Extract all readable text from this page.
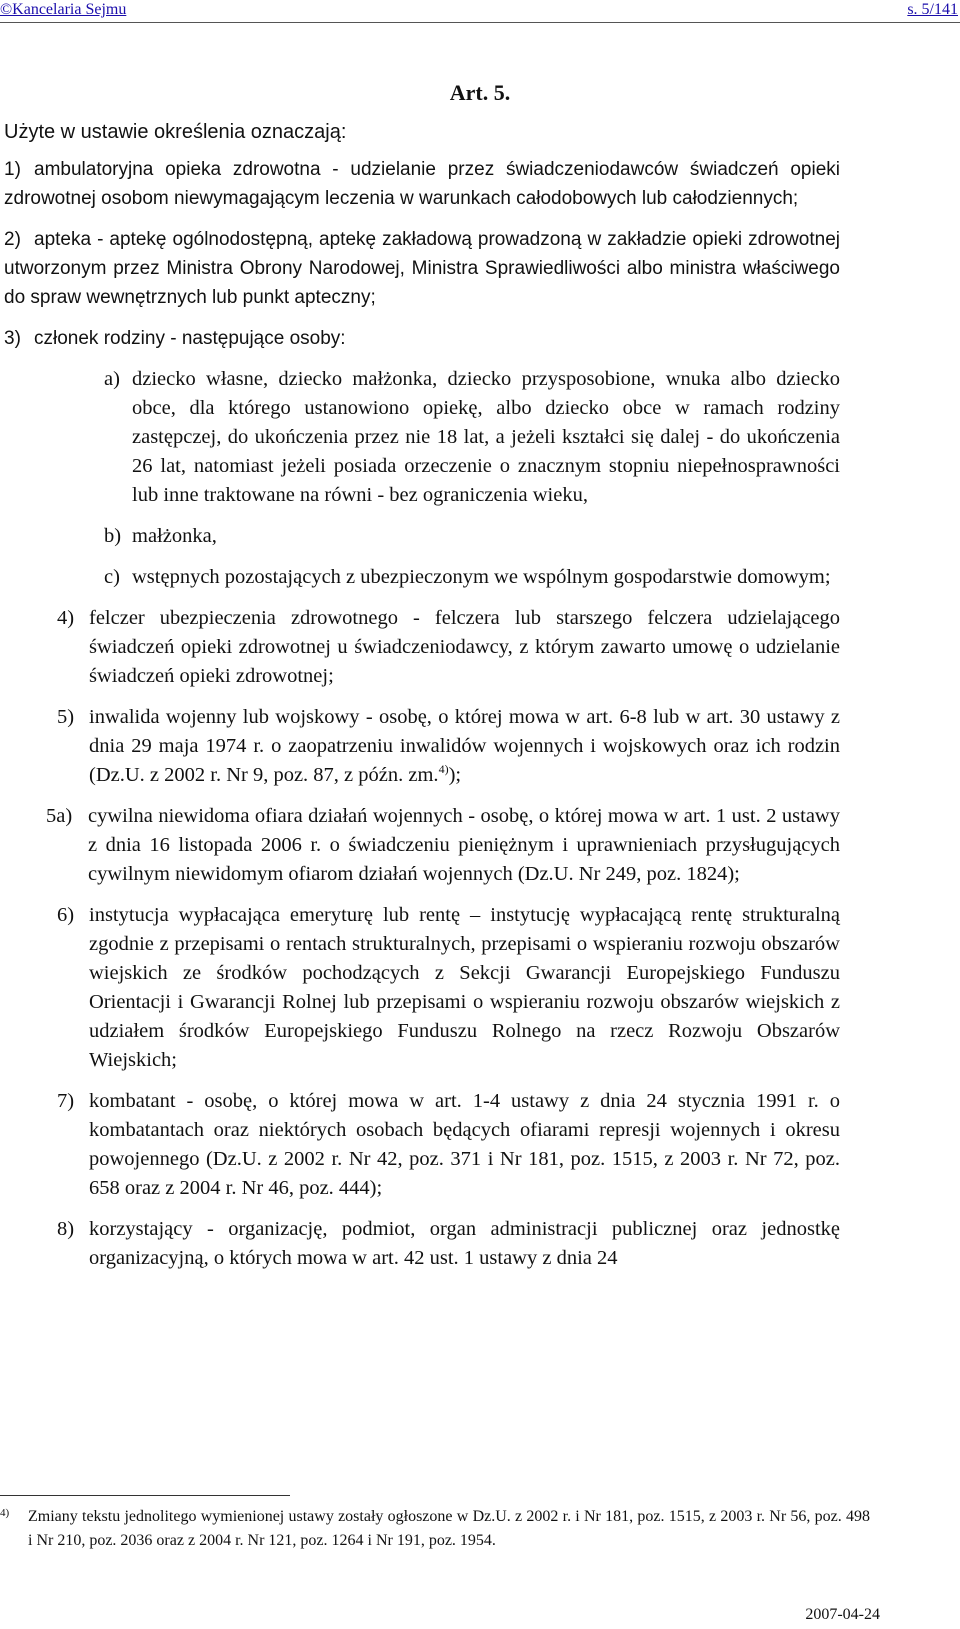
©Kancelaria Sejmu	s. 5/141
Art. 5.
Użyte w ustawie określenia oznaczają:
1) ambulatoryjna opieka zdrowotna - udzielanie przez świadczeniodawców świadczeń opieki zdrowotnej osobom niewymagającym leczenia w warunkach całodobowych lub całodziennych;
2) apteka - aptekę ogólnodostępną, aptekę zakładową prowadzoną w zakładzie opieki zdrowotnej utworzonym przez Ministra Obrony Narodowej, Ministra Sprawiedliwości albo ministra właściwego do spraw wewnętrznych lub punkt apteczny;
3) członek rodziny - następujące osoby:
a) dziecko własne, dziecko małżonka, dziecko przysposobione, wnuka albo dziecko obce, dla którego ustanowiono opiekę, albo dziecko obce w ramach rodziny zastępczej, do ukończenia przez nie 18 lat, a jeżeli kształci się dalej - do ukończenia 26 lat, natomiast jeżeli posiada orzeczenie o znacznym stopniu niepełnosprawności lub inne traktowane na równi - bez ograniczenia wieku,
b) małżonka,
c) wstępnych pozostających z ubezpieczonym we wspólnym gospodarstwie domowym;
4) felczer ubezpieczenia zdrowotnego - felczera lub starszego felczera udzielającego świadczeń opieki zdrowotnej u świadczeniodawcy, z którym zawarto umowę o udzielanie świadczeń opieki zdrowotnej;
5) inwalida wojenny lub wojskowy - osobę, o której mowa w art. 6-8 lub w art. 30 ustawy z dnia 29 maja 1974 r. o zaopatrzeniu inwalidów wojennych i wojskowych oraz ich rodzin (Dz.U. z 2002 r. Nr 9, poz. 87, z późn. zm.$^{4)}$);
5a) cywilna niewidoma ofiara działań wojennych - osobę, o której mowa w art. 1 ust. 2 ustawy z dnia 16 listopada 2006 r. o świadczeniu pieniężnym i uprawnieniach przysługujących cywilnym niewidomym ofiarom działań wojennych (Dz.U. Nr 249, poz. 1824);
6) instytucja wypłacająca emeryturę lub rentę – instytucję wypłacającą rentę strukturalną zgodnie z przepisami o rentach strukturalnych, przepisami o wspieraniu rozwoju obszarów wiejskich ze środków pochodzących z Sekcji Gwarancji Europejskiego Funduszu Orientacji i Gwarancji Rolnej lub przepisami o wspieraniu rozwoju obszarów wiejskich z udziałem środków Europejskiego Funduszu Rolnego na rzecz Rozwoju Obszarów Wiejskich;
7) kombatant - osobę, o której mowa w art. 1-4 ustawy z dnia 24 stycznia 1991 r. o kombatantach oraz niektórych osobach będących ofiarami represji wojennych i okresu powojennego (Dz.U. z 2002 r. Nr 42, poz. 371 i Nr 181, poz. 1515, z 2003 r. Nr 72, poz. 658 oraz z 2004 r. Nr 46, poz. 444);
8) korzystający - organizację, podmiot, organ administracji publicznej oraz jednostkę organizacyjną, o których mowa w art. 42 ust. 1 ustawy z dnia 24
4) Zmiany tekstu jednolitego wymienionej ustawy zostały ogłoszone w Dz.U. z 2002 r. i Nr 181, poz. 1515, z 2003 r. Nr 56, poz. 498 i Nr 210, poz. 2036 oraz z 2004 r. Nr 121, poz. 1264 i Nr 191, poz. 1954.
2007-04-24
